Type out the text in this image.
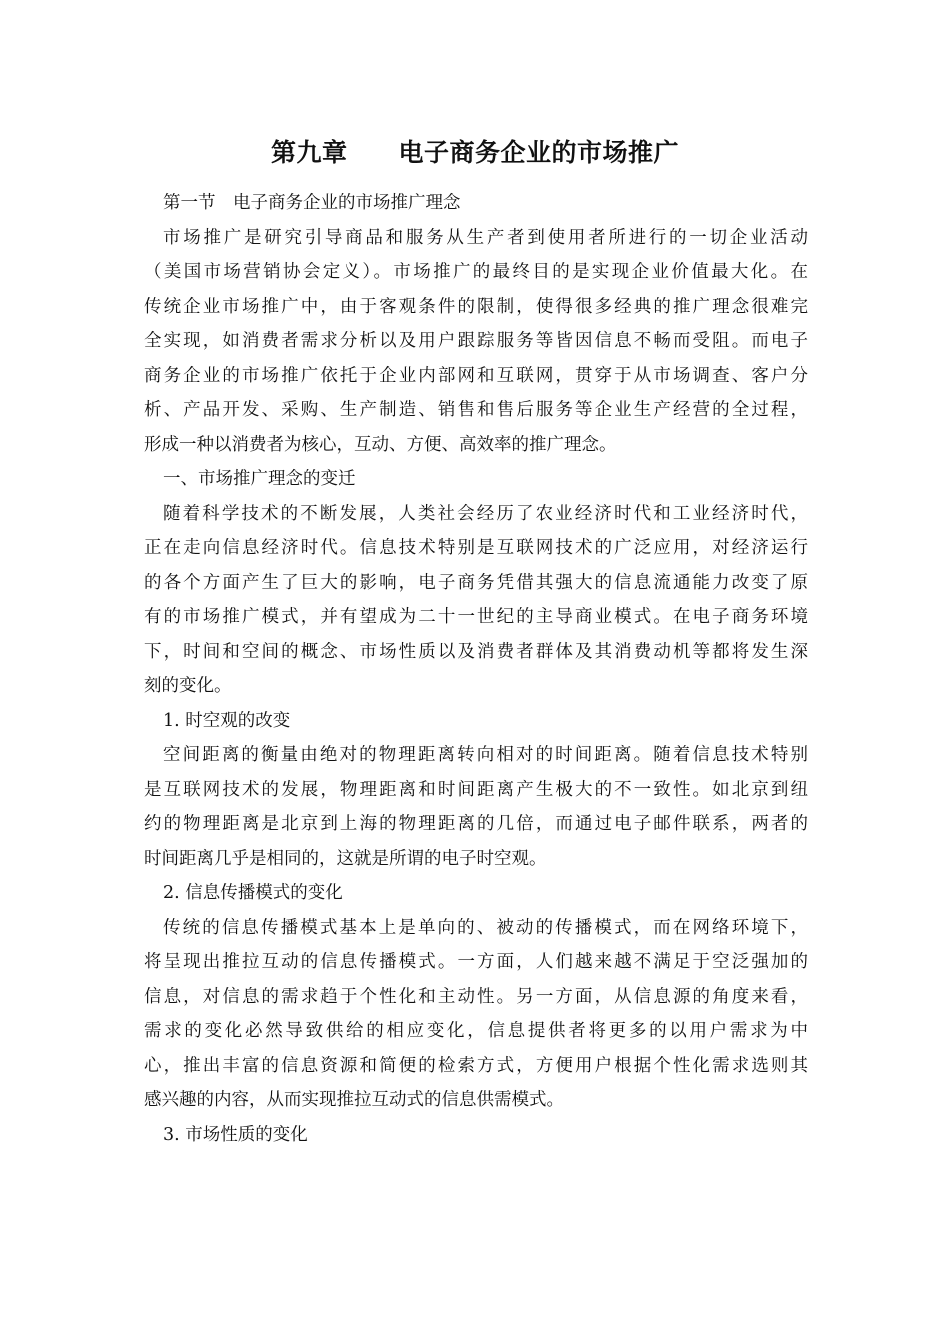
第九章　　电子商务企业的市场推广
第一节　电子商务企业的市场推广理念
市场推广是研究引导商品和服务从生产者到使用者所进行的一切企业活动
（美国市场营销协会定义）。市场推广的最终目的是实现企业价值最大化。在
传统企业市场推广中，由于客观条件的限制，使得很多经典的推广理念很难完
全实现，如消费者需求分析以及用户跟踪服务等皆因信息不畅而受阻。而电子
商务企业的市场推广依托于企业内部网和互联网，贯穿于从市场调查、客户分
析、产品开发、采购、生产制造、销售和售后服务等企业生产经营的全过程，
形成一种以消费者为核心，互动、方便、高效率的推广理念。
一、市场推广理念的变迁
随着科学技术的不断发展，人类社会经历了农业经济时代和工业经济时代，
正在走向信息经济时代。信息技术特别是互联网技术的广泛应用，对经济运行
的各个方面产生了巨大的影响，电子商务凭借其强大的信息流通能力改变了原
有的市场推广模式，并有望成为二十一世纪的主导商业模式。在电子商务环境
下，时间和空间的概念、市场性质以及消费者群体及其消费动机等都将发生深
刻的变化。
1. 时空观的改变
空间距离的衡量由绝对的物理距离转向相对的时间距离。随着信息技术特别
是互联网技术的发展，物理距离和时间距离产生极大的不一致性。如北京到纽
约的物理距离是北京到上海的物理距离的几倍，而通过电子邮件联系，两者的
时间距离几乎是相同的，这就是所谓的电子时空观。
2. 信息传播模式的变化
传统的信息传播模式基本上是单向的、被动的传播模式，而在网络环境下，
将呈现出推拉互动的信息传播模式。一方面，人们越来越不满足于空泛强加的
信息，对信息的需求趋于个性化和主动性。另一方面，从信息源的角度来看，
需求的变化必然导致供给的相应变化，信息提供者将更多的以用户需求为中
心，推出丰富的信息资源和简便的检索方式，方便用户根据个性化需求选则其
感兴趣的内容，从而实现推拉互动式的信息供需模式。
3. 市场性质的变化
